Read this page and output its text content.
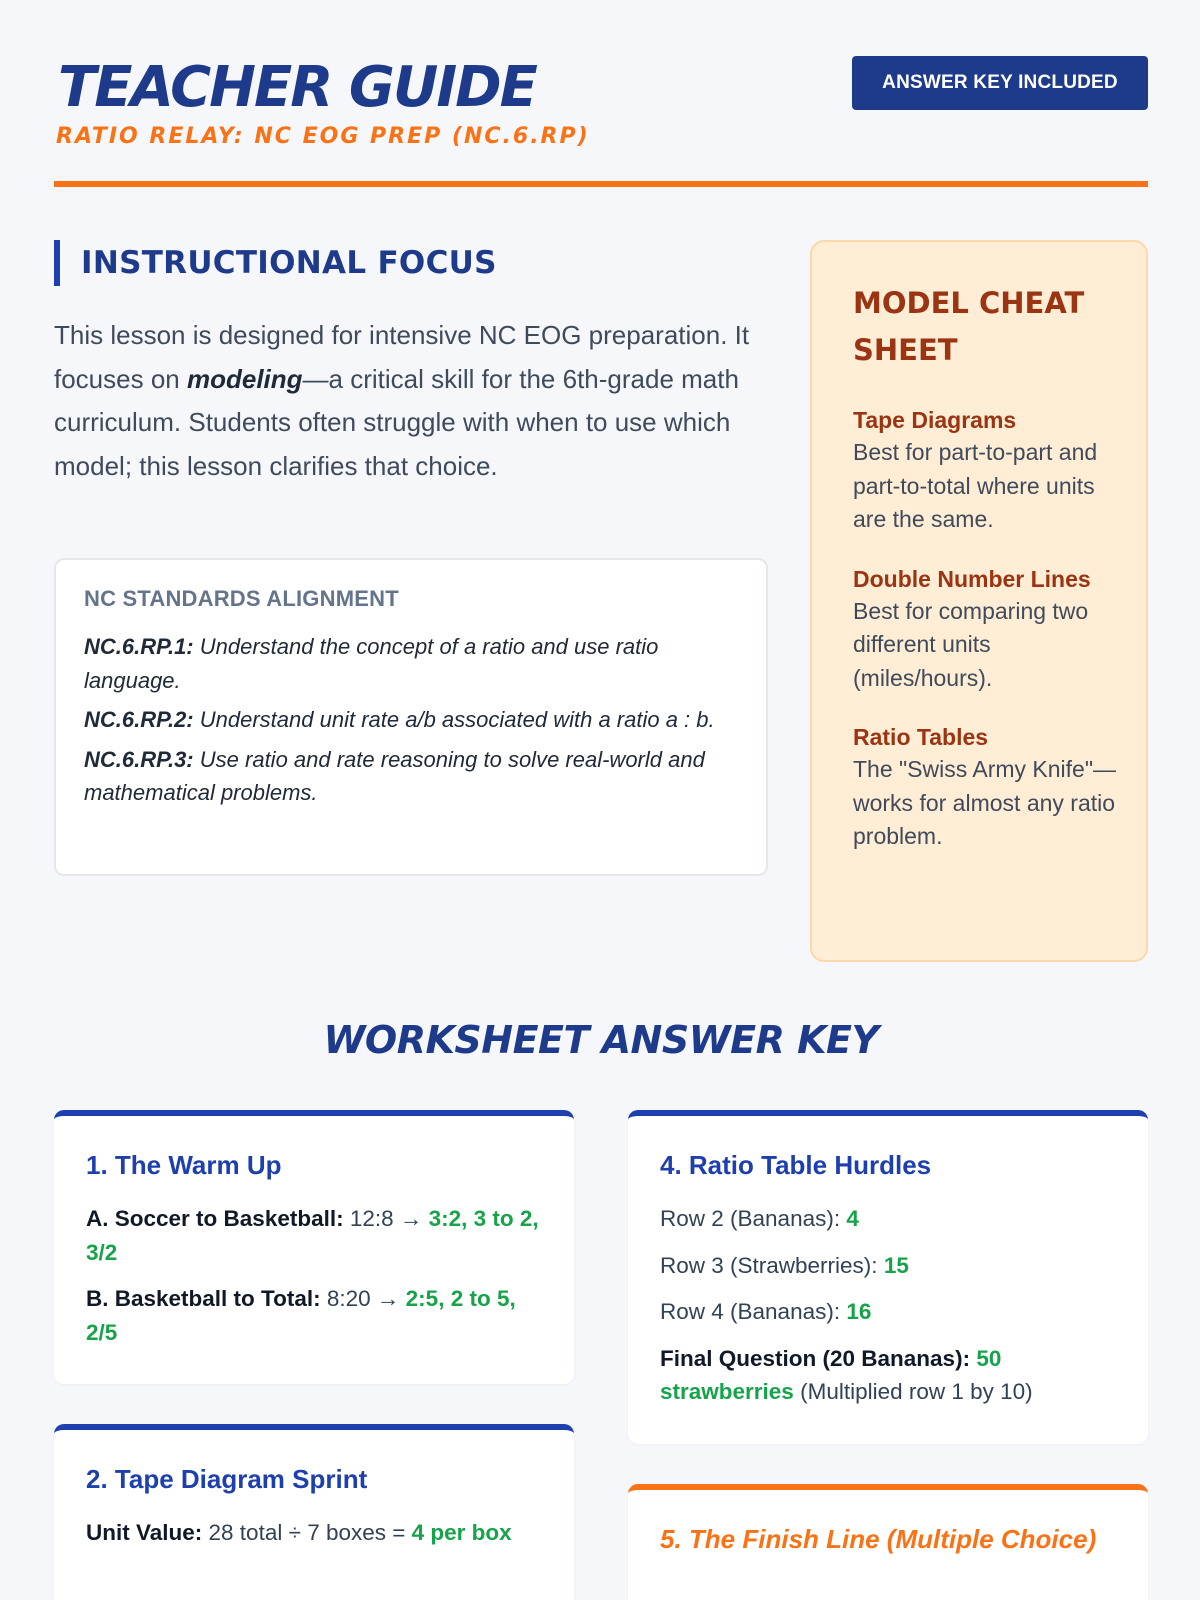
TEACHER GUIDE
RATIO RELAY: NC EOG PREP (NC.6.RP)
ANSWER KEY INCLUDED
INSTRUCTIONAL FOCUS

This lesson is designed for intensive NC EOG preparation. It focuses on modeling—a critical skill for the 6th-grade math curriculum. Students often struggle with when to use which model; this lesson clarifies that choice.

NC STANDARDS ALIGNMENT
NC.6.RP.1: Understand the concept of a ratio and use ratio language.
NC.6.RP.2: Understand unit rate a/b associated with a ratio a : b.
NC.6.RP.3: Use ratio and rate reasoning to solve real-world and mathematical problems.
MODEL CHEAT SHEET
Tape Diagrams

Best for part-to-part and part-to-total where units are the same.

Double Number Lines

Best for comparing two different units (miles/hours).

Ratio Tables

The "Swiss Army Knife"—works for almost any ratio problem.

WORKSHEET ANSWER KEY
1. The Warm Up

A. Soccer to Basketball: 12:8 → 3:2, 3 to 2, 3/2

B. Basketball to Total: 8:20 → 2:5, 2 to 5, 2/5

2. Tape Diagram Sprint

Unit Value: 28 total ÷ 7 boxes = 4 per box

4. Ratio Table Hurdles

Row 2 (Bananas): 4

Row 3 (Strawberries): 15

Row 4 (Bananas): 16

Final Question (20 Bananas): 50 strawberries (Multiplied row 1 by 10)

5. The Finish Line (Multiple Choice)
